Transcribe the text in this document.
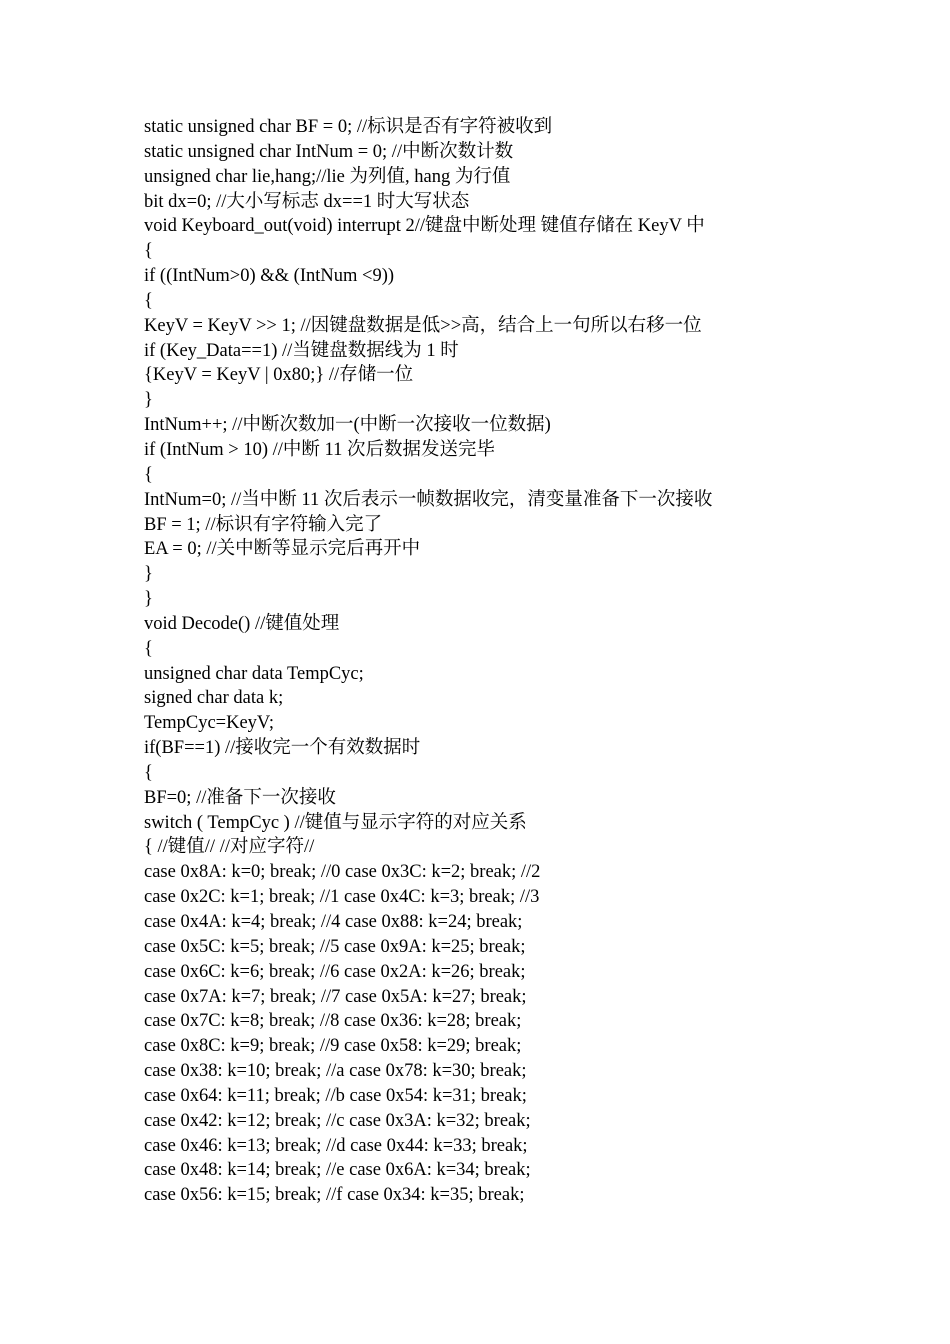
static unsigned char BF = 0; //标识是否有字符被收到
static unsigned char IntNum = 0; //中断次数计数
unsigned char lie,hang;//lie 为列值, hang 为行值
bit dx=0; //大小写标志 dx==1 时大写状态
void Keyboard_out(void) interrupt 2//键盘中断处理 键值存储在 KeyV 中
{
if ((IntNum>0) && (IntNum <9))
{
KeyV = KeyV >> 1; //因键盘数据是低>>高，结合上一句所以右移一位
if (Key_Data==1) //当键盘数据线为 1 时
{KeyV = KeyV | 0x80;} //存储一位
}
IntNum++; //中断次数加一(中断一次接收一位数据)
if (IntNum > 10) //中断 11 次后数据发送完毕
{
IntNum=0; //当中断 11 次后表示一帧数据收完，清变量准备下一次接收
BF = 1; //标识有字符输入完了
EA = 0; //关中断等显示完后再开中
}
}
void Decode() //键值处理
{
unsigned char data TempCyc;
signed char data k;
TempCyc=KeyV;
if(BF==1) //接收完一个有效数据时
{
BF=0; //准备下一次接收
switch ( TempCyc ) //键值与显示字符的对应关系
{ //键值// //对应字符//
case 0x8A: k=0; break; //0 case 0x3C: k=2; break; //2
case 0x2C: k=1; break; //1 case 0x4C: k=3; break; //3
case 0x4A: k=4; break; //4 case 0x88: k=24; break;
case 0x5C: k=5; break; //5 case 0x9A: k=25; break;
case 0x6C: k=6; break; //6 case 0x2A: k=26; break;
case 0x7A: k=7; break; //7 case 0x5A: k=27; break;
case 0x7C: k=8; break; //8 case 0x36: k=28; break;
case 0x8C: k=9; break; //9 case 0x58: k=29; break;
case 0x38: k=10; break; //a case 0x78: k=30; break;
case 0x64: k=11; break; //b case 0x54: k=31; break;
case 0x42: k=12; break; //c case 0x3A: k=32; break;
case 0x46: k=13; break; //d case 0x44: k=33; break;
case 0x48: k=14; break; //e case 0x6A: k=34; break;
case 0x56: k=15; break; //f case 0x34: k=35; break;
